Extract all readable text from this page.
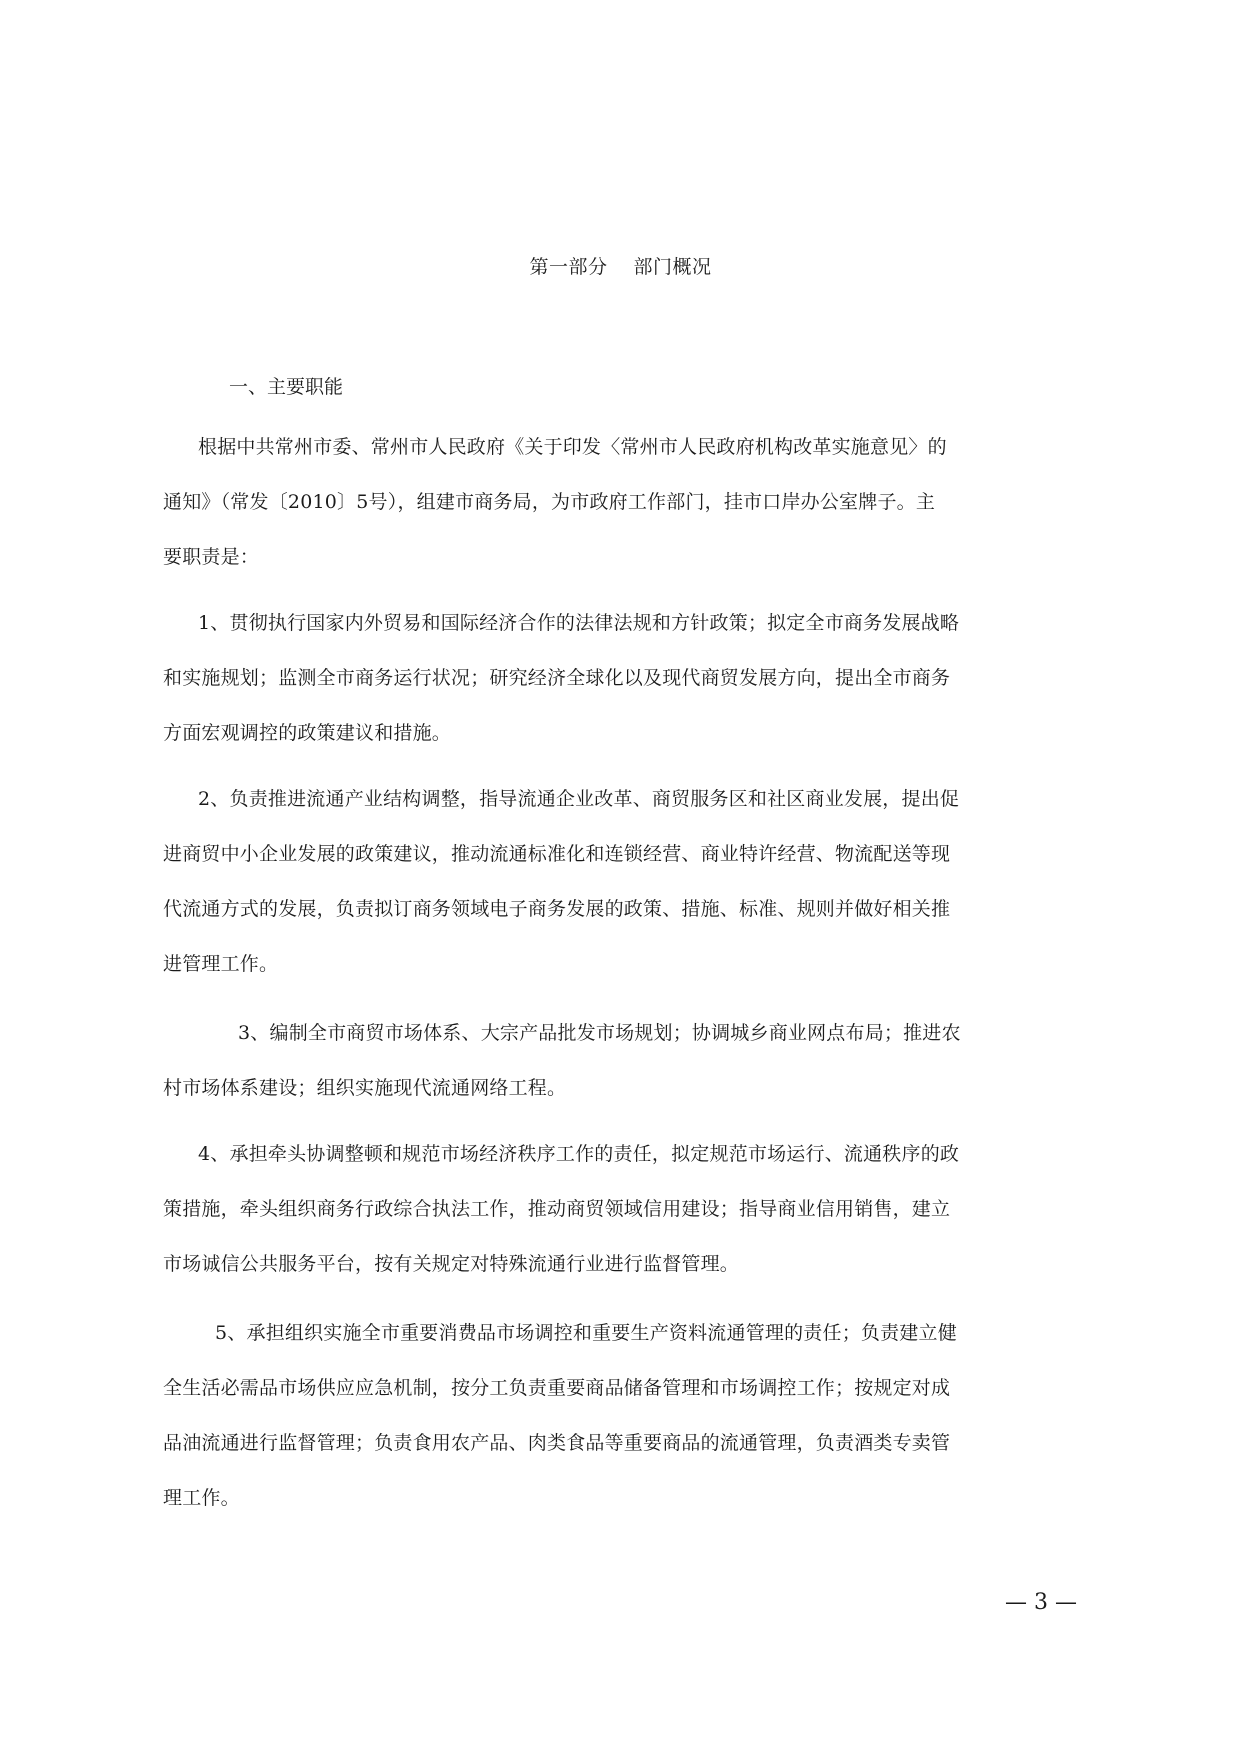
第一部分 部门概况
一、主要职能
根据中共常州市委、常州市人民政府《关于印发〈常州市人民政府机构改革实施意见〉的
通知》（常发〔2010〕5号），组建市商务局，为市政府工作部门，挂市口岸办公室牌子。主
要职责是：
1、贯彻执行国家内外贸易和国际经济合作的法律法规和方针政策；拟定全市商务发展战略
和实施规划；监测全市商务运行状况；研究经济全球化以及现代商贸发展方向，提出全市商务
方面宏观调控的政策建议和措施。
2、负责推进流通产业结构调整，指导流通企业改革、商贸服务区和社区商业发展，提出促
进商贸中小企业发展的政策建议，推动流通标准化和连锁经营、商业特许经营、物流配送等现
代流通方式的发展，负责拟订商务领域电子商务发展的政策、措施、标准、规则并做好相关推
进管理工作。
3、编制全市商贸市场体系、大宗产品批发市场规划；协调城乡商业网点布局；推进农
村市场体系建设；组织实施现代流通网络工程。
4、承担牵头协调整顿和规范市场经济秩序工作的责任，拟定规范市场运行、流通秩序的政
策措施，牵头组织商务行政综合执法工作，推动商贸领域信用建设；指导商业信用销售，建立
市场诚信公共服务平台，按有关规定对特殊流通行业进行监督管理。
5、承担组织实施全市重要消费品市场调控和重要生产资料流通管理的责任；负责建立健
全生活必需品市场供应应急机制，按分工负责重要商品储备管理和市场调控工作；按规定对成
品油流通进行监督管理；负责食用农产品、肉类食品等重要商品的流通管理，负责酒类专卖管
理工作。
— 3 —
